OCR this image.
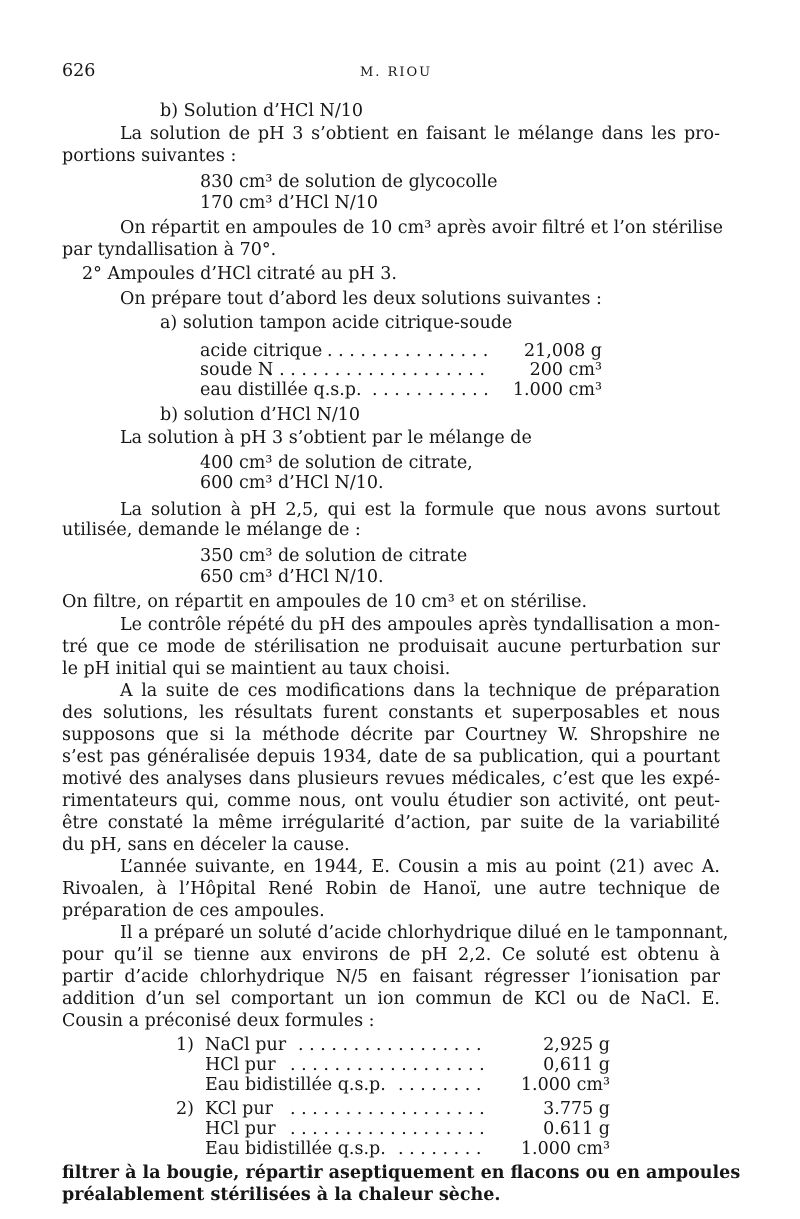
626	M. RIOU
b) Solution d’HCl N/10
La solution de pH 3 s’obtient en faisant le mélange dans les pro-
portions suivantes :
830 cm³ de solution de glycocolle
170 cm³ d’HCl N/10
On répartit en ampoules de 10 cm³ après avoir filtré et l’on stérilise
par tyndallisation à 70°.
2° Ampoules d’HCl citraté au pH 3.
On prépare tout d’abord les deux solutions suivantes :
a) solution tampon acide citrique-soude
acide citrique . . .	21,008 g
soude N . . .	200 cm³
eau distillée q.s.p. . . .	1.000 cm³
b) solution d’HCl N/10
La solution à pH 3 s’obtient par le mélange de
400 cm³ de solution de citrate,
600 cm³ d’HCl N/10.
La solution à pH 2,5, qui est la formule que nous avons surtout
utilisée, demande le mélange de :
350 cm³ de solution de citrate
650 cm³ d’HCl N/10.
On filtre, on répartit en ampoules de 10 cm³ et on stérilise.
Le contrôle répété du pH des ampoules après tyndallisation a mon-
tré que ce mode de stérilisation ne produisait aucune perturbation sur
le pH initial qui se maintient au taux choisi.
A la suite de ces modifications dans la technique de préparation
des solutions, les résultats furent constants et superposables et nous
supposons que si la méthode décrite par Courtney W. Shropshire ne
s’est pas généralisée depuis 1934, date de sa publication, qui a pourtant
motivé des analyses dans plusieurs revues médicales, c’est que les expé-
rimentateurs qui, comme nous, ont voulu étudier son activité, ont peut-
être constaté la même irrégularité d’action, par suite de la variabilité
du pH, sans en déceler la cause.
L’année suivante, en 1944, E. Cousin a mis au point (21) avec A.
Rivoalen, à l’Hôpital René Robin de Hanoï, une autre technique de
préparation de ces ampoules.
Il a préparé un soluté d’acide chlorhydrique dilué en le tamponnant,
pour qu’il se tienne aux environs de pH 2,2. Ce soluté est obtenu à
partir d’acide chlorhydrique N/5 en faisant régresser l’ionisation par
addition d’un sel comportant un ion commun de KCl ou de NaCl. E.
Cousin a préconisé deux formules :
1) NaCl pur . . .	2,925 g
HCl pur . . .	0,611 g
Eau bidistillée q.s.p. . . .	1.000 cm³
2) KCl pur . . .	3.775 g
HCl pur . . .	0.611 g
Eau bidistillée q.s.p. . . .	1.000 cm³
filtrer à la bougie, répartir aseptiquement en flacons ou en ampoules
préalablement stérilisées à la chaleur sèche.
